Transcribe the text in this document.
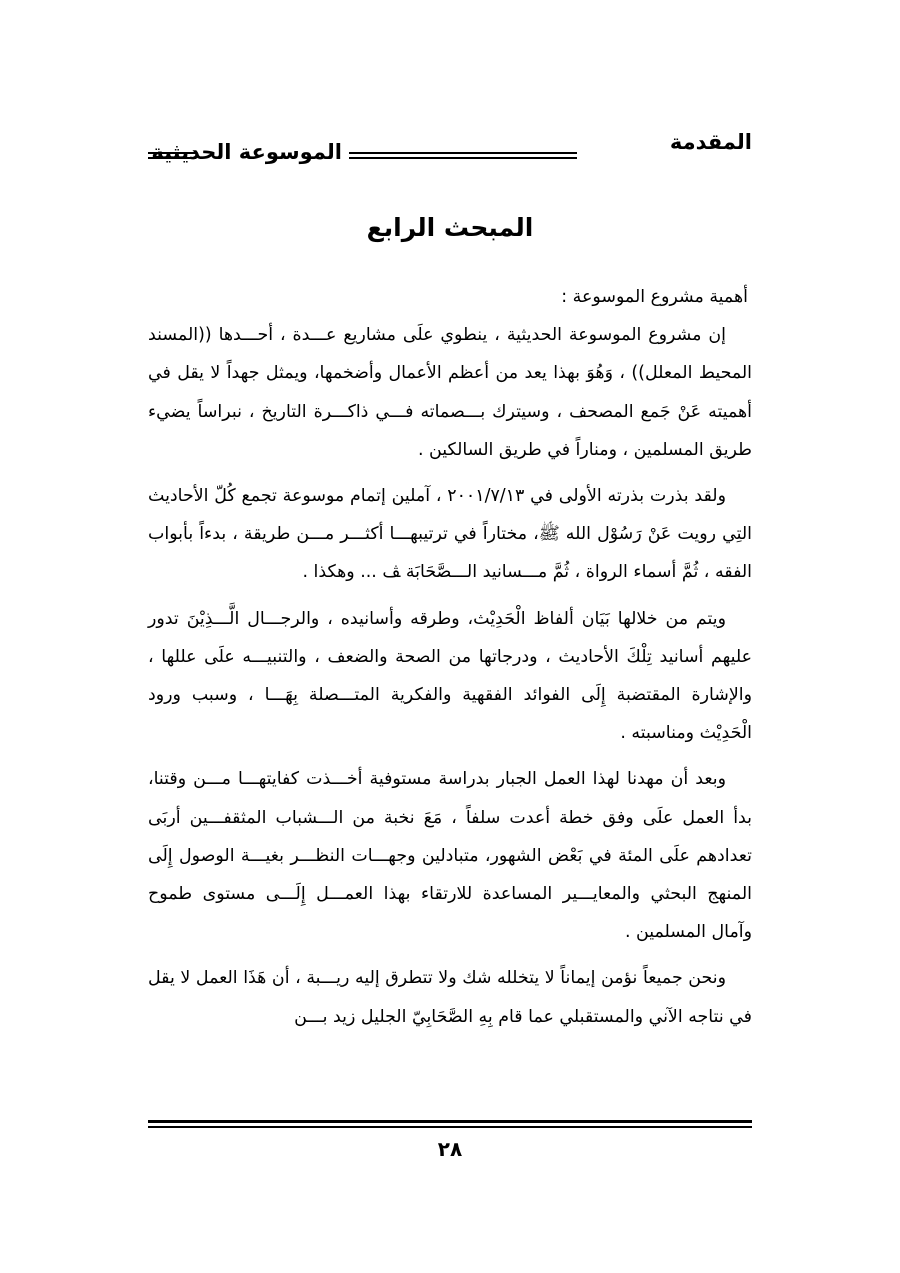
المقدمة
الموسوعة الحديثية
المبحث الرابع

أهمية مشروع الموسوعة :

إن مشروع الموسوعة الحديثية ، ينطوي علَى مشاريع عـــدة ، أحـــدها ((المسند المحيط المعلل)) ، وَهُوَ بهذا يعد من أعظم الأعمال وأضخمها، ويمثل جهداً لا يقل في أهميته عَنْ جَمع المصحف ، وسيترك بـــصماته فـــي ذاكـــرة التاريخ ، نبراساً يضيء طريق المسلمين ، ومناراً في طريق السالكين .

ولقد بذرت بذرته الأولى في ٢٠٠١/٧/١٣ ، آملين إتمام موسوعة تجمع كُلّ الأحاديث التِي رويت عَنْ رَسُوْل الله ﷺ، مختاراً في ترتيبهـــا أكثـــر مـــن طريقة ، بدءاً بأبواب الفقه ، ثُمَّ أسماء الرواة ، ثُمَّ مـــسانيد الـــصَّحَابَة ﭫ ... وهكذا .

ويتم من خلالها بَيَان ألفاظ الْحَدِيْث، وطرقه وأسانيده ، والرجـــال الَّـــذِيْنَ تدور عليهم أسانيد تِلْكَ الأحاديث ، ودرجاتها من الصحة والضعف ، والتنبيـــه علَى عللها ، والإشارة المقتضبة إِلَى الفوائد الفقهية والفكرية المتـــصلة بِهَـــا ، وسبب ورود الْحَدِيْث ومناسبته .

وبعد أن مهدنا لهذا العمل الجبار بدراسة مستوفية أخـــذت كفايتهـــا مـــن وقتنا، بدأ العمل علَى وفق خطة أعدت سلفاً ، مَعَ نخبة من الـــشباب المثقفـــين أربَى تعدادهم علَى المئة في بَعْض الشهور، متبادلين وجهـــات النظـــر بغيـــة الوصول إِلَى المنهج البحثي والمعايـــير المساعدة للارتقاء بهذا العمـــل إِلَـــى مستوى طموح وآمال المسلمين .

ونحن جميعاً نؤمن إيماناً لا يتخلله شك ولا تتطرق إليه ريـــبة ، أن هَذَا العمل لا يقل في نتاجه الآني والمستقبلي عما قام بِهِ الصَّحَابِيّ الجليل زيد بـــن

٢٨
